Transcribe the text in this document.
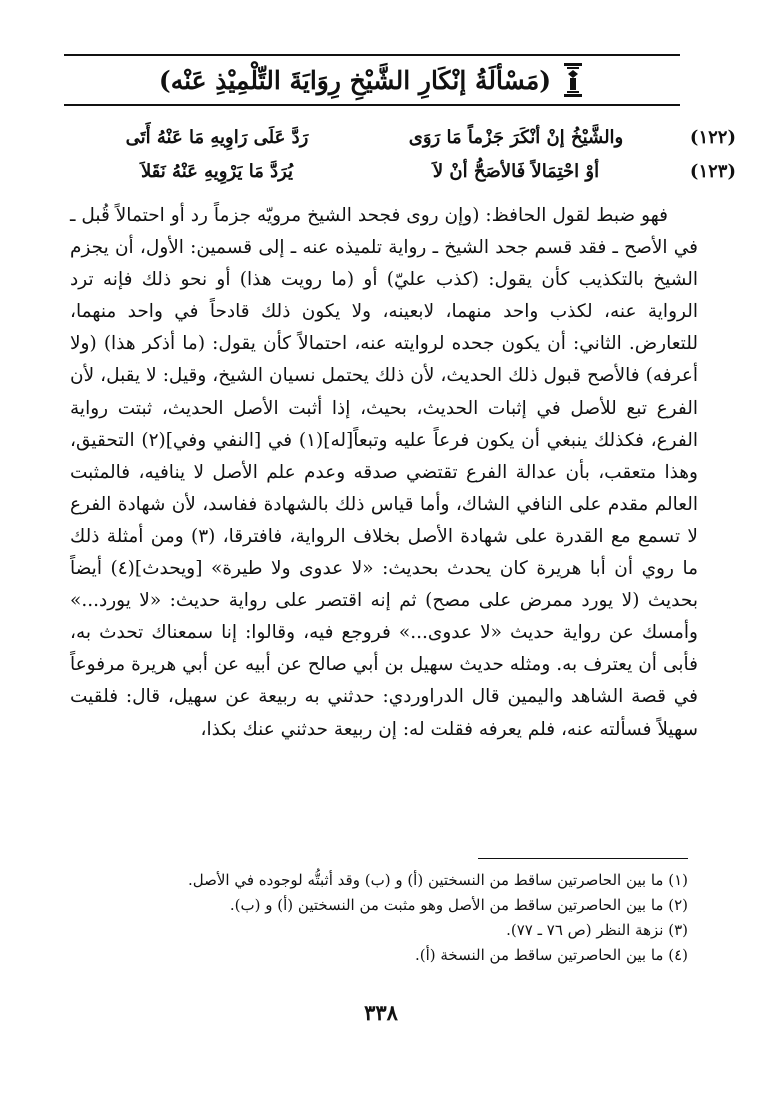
(مَسْألَةُ إنْكَارِ الشَّيْخِ رِوَايَةَ التِّلْمِيْذِ عَنْه)
(١٢٢)
والشَّيْخُ إنْ أنْكَرَ جَزْماً مَا رَوَى
رَدَّ عَلَى رَاوِيهِ مَا عَنْهُ أَتَى
(١٢٣)
أوْ احْتِمَالاً فَالأصَحُّ أنْ لاَ
يُرَدَّ مَا يَرْوِيهِ عَنْهُ نَقَلاَ

فهو ضبط لقول الحافظ: (وإن روى فجحد الشيخ مرويّه جزماً رد أو احتمالاً قُبل ـ في الأصح ـ فقد قسم جحد الشيخ ـ رواية تلميذه عنه ـ إلى قسمين: الأول، أن يجزم الشيخ بالتكذيب كأن يقول: (كذب عليّ) أو (ما رويت هذا) أو نحو ذلك فإنه ترد الرواية عنه، لكذب واحد منهما، لابعينه، ولا يكون ذلك قادحاً في واحد منهما، للتعارض. الثاني: أن يكون جحده لروايته عنه، احتمالاً كأن يقول: (ما أذكر هذا) (ولا أعرفه) فالأصح قبول ذلك الحديث، لأن ذلك يحتمل نسيان الشيخ، وقيل: لا يقبل، لأن الفرع تبع للأصل في إثبات الحديث، بحيث، إذا أثبت الأصل الحديث، ثبتت رواية الفرع، فكذلك ينبغي أن يكون فرعاً عليه وتبعاً[له](١) في [النفي وفي](٢) التحقيق، وهذا متعقب، بأن عدالة الفرع تقتضي صدقه وعدم علم الأصل لا ينافيه، فالمثبت العالم مقدم على النافي الشاك، وأما قياس ذلك بالشهادة ففاسد، لأن شهادة الفرع لا تسمع مع القدرة على شهادة الأصل بخلاف الرواية، فافترقا، (٣) ومن أمثلة ذلك ما روي أن أبا هريرة كان يحدث بحديث: «لا عدوى ولا طيرة» [ويحدث](٤) أيضاً بحديث (لا يورد ممرض على مصح) ثم إنه اقتصر على رواية حديث: «لا يورد...» وأمسك عن رواية حديث «لا عدوى...» فروجع فيه، وقالوا: إنا سمعناك تحدث به، فأبى أن يعترف به. ومثله حديث سهيل بن أبي صالح عن أبيه عن أبي هريرة مرفوعاً في قصة الشاهد واليمين قال الدراوردي: حدثني به ربيعة عن سهيل، قال: فلقيت سهيلاً فسألته عنه، فلم يعرفه فقلت له: إن ربيعة حدثني عنك بكذا،

(١) ما بين الحاصرتين ساقط من النسختين (أ) و (ب) وقد أثبتُّه لوجوده في الأصل.
(٢) ما بين الحاصرتين ساقط من الأصل وهو مثبت من النسختين (أ) و (ب).
(٣) نزهة النظر (ص ٧٦ ـ ٧٧).
(٤) ما بين الحاصرتين ساقط من النسخة (أ).
٣٣٨
